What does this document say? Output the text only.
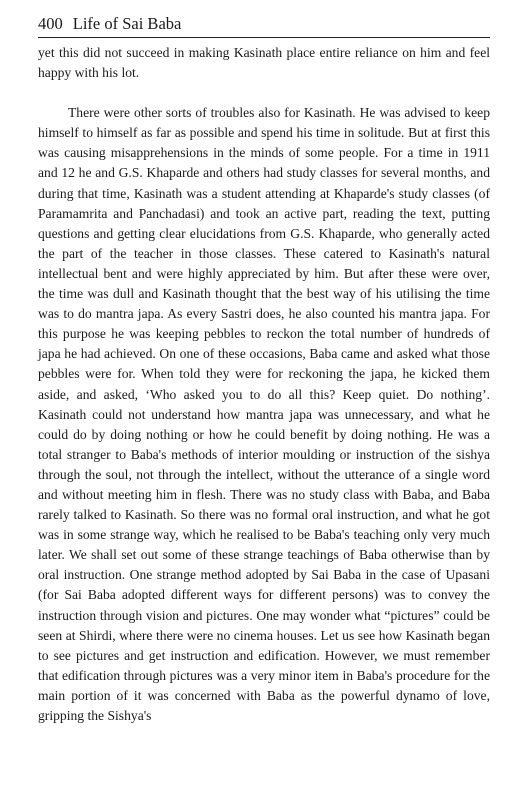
400 Life of Sai Baba

yet this did not succeed in making Kasinath place entire reliance on him and feel happy with his lot.

There were other sorts of troubles also for Kasinath. He was advised to keep himself to himself as far as possible and spend his time in solitude. But at first this was causing misapprehensions in the minds of some people. For a time in 1911 and 12 he and G.S. Khaparde and others had study classes for several months, and during that time, Kasinath was a student attending at Khaparde's study classes (of Paramamrita and Panchadasi) and took an active part, reading the text, putting questions and getting clear elucidations from G.S. Khaparde, who generally acted the part of the teacher in those classes. These catered to Kasinath's natural intellectual bent and were highly appreciated by him. But after these were over, the time was dull and Kasinath thought that the best way of his utilising the time was to do mantra japa. As every Sastri does, he also counted his mantra japa. For this purpose he was keeping pebbles to reckon the total number of hundreds of japa he had achieved. On one of these occasions, Baba came and asked what those pebbles were for. When told they were for reckoning the japa, he kicked them aside, and asked, ‘Who asked you to do all this? Keep quiet. Do nothing’. Kasinath could not understand how mantra japa was unnecessary, and what he could do by doing nothing or how he could benefit by doing nothing. He was a total stranger to Baba's methods of interior moulding or instruction of the sishya through the soul, not through the intellect, without the utterance of a single word and without meeting him in flesh. There was no study class with Baba, and Baba rarely talked to Kasinath. So there was no formal oral instruction, and what he got was in some strange way, which he realised to be Baba's teaching only very much later. We shall set out some of these strange teachings of Baba otherwise than by oral instruction. One strange method adopted by Sai Baba in the case of Upasani (for Sai Baba adopted different ways for different persons) was to convey the instruction through vision and pictures. One may wonder what “pictures” could be seen at Shirdi, where there were no cinema houses. Let us see how Kasinath began to see pictures and get instruction and edification. However, we must remember that edification through pictures was a very minor item in Baba's procedure for the main portion of it was concerned with Baba as the powerful dynamo of love, gripping the Sishya's
